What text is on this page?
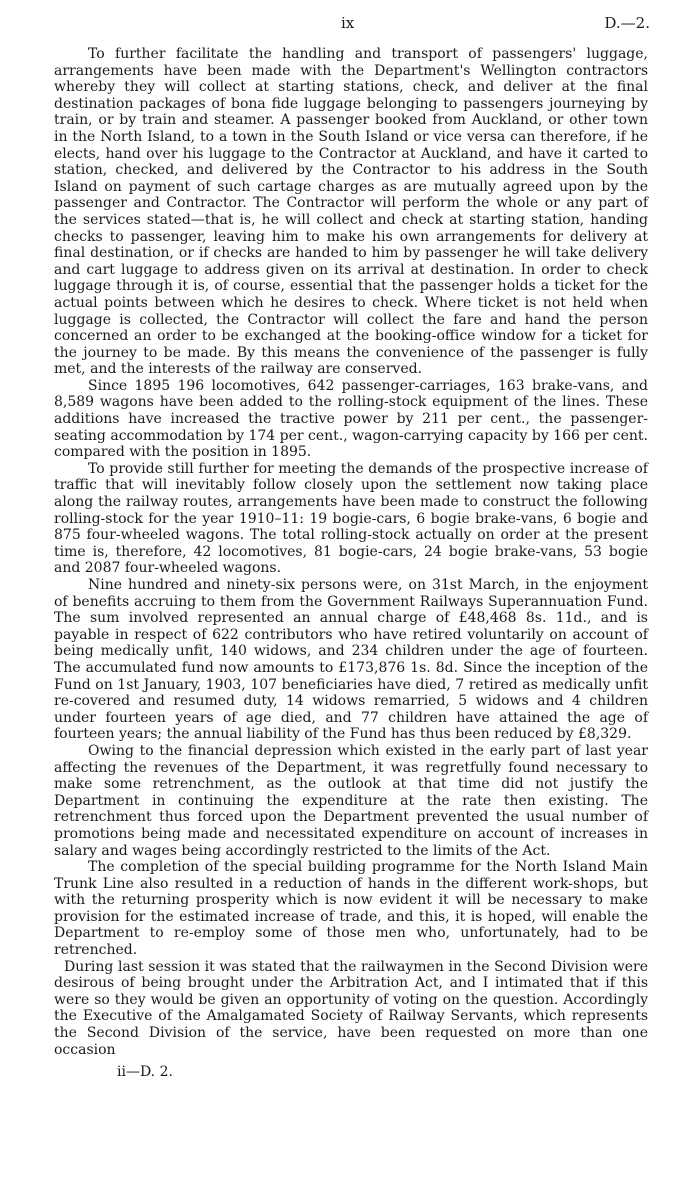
ix	D.—2.

To further facilitate the handling and transport of passengers' luggage, arrangements have been made with the Department's Wellington contractors whereby they will collect at starting stations, check, and deliver at the final destination packages of bona fide luggage belonging to passengers journeying by train, or by train and steamer. A passenger booked from Auckland, or other town in the North Island, to a town in the South Island or vice versa can therefore, if he elects, hand over his luggage to the Contractor at Auckland, and have it carted to station, checked, and delivered by the Contractor to his address in the South Island on payment of such cartage charges as are mutually agreed upon by the passenger and Contractor. The Contractor will perform the whole or any part of the services stated—that is, he will collect and check at starting station, handing checks to passenger, leaving him to make his own arrangements for delivery at final destination, or if checks are handed to him by passenger he will take delivery and cart luggage to address given on its arrival at destination. In order to check luggage through it is, of course, essential that the passenger holds a ticket for the actual points between which he desires to check. Where ticket is not held when luggage is collected, the Contractor will collect the fare and hand the person concerned an order to be exchanged at the booking-office window for a ticket for the journey to be made. By this means the convenience of the passenger is fully met, and the interests of the railway are conserved.

Since 1895 196 locomotives, 642 passenger-carriages, 163 brake-vans, and 8,589 wagons have been added to the rolling-stock equipment of the lines. These additions have increased the tractive power by 211 per cent., the passenger-seating accommodation by 174 per cent., wagon-carrying capacity by 166 per cent. compared with the position in 1895.

To provide still further for meeting the demands of the prospective increase of traffic that will inevitably follow closely upon the settlement now taking place along the railway routes, arrangements have been made to construct the following rolling-stock for the year 1910–11: 19 bogie-cars, 6 bogie brake-vans, 6 bogie and 875 four-wheeled wagons. The total rolling-stock actually on order at the present time is, therefore, 42 locomotives, 81 bogie-cars, 24 bogie brake-vans, 53 bogie and 2087 four-wheeled wagons.

Nine hundred and ninety-six persons were, on 31st March, in the enjoyment of benefits accruing to them from the Government Railways Superannuation Fund. The sum involved represented an annual charge of £48,468 8s. 11d., and is payable in respect of 622 contributors who have retired voluntarily on account of being medically unfit, 140 widows, and 234 children under the age of fourteen. The accumulated fund now amounts to £173,876 1s. 8d. Since the inception of the Fund on 1st January, 1903, 107 beneficiaries have died, 7 retired as medically unfit re-covered and resumed duty, 14 widows remarried, 5 widows and 4 children under fourteen years of age died, and 77 children have attained the age of fourteen years; the annual liability of the Fund has thus been reduced by £8,329.

Owing to the financial depression which existed in the early part of last year affecting the revenues of the Department, it was regretfully found necessary to make some retrenchment, as the outlook at that time did not justify the Department in continuing the expenditure at the rate then existing. The retrenchment thus forced upon the Department prevented the usual number of promotions being made and necessitated expenditure on account of increases in salary and wages being accordingly restricted to the limits of the Act.

The completion of the special building programme for the North Island Main Trunk Line also resulted in a reduction of hands in the different work-shops, but with the returning prosperity which is now evident it will be necessary to make provision for the estimated increase of trade, and this, it is hoped, will enable the Department to re-employ some of those men who, unfortunately, had to be retrenched.

During last session it was stated that the railwaymen in the Second Division were desirous of being brought under the Arbitration Act, and I intimated that if this were so they would be given an opportunity of voting on the question. Accordingly the Executive of the Amalgamated Society of Railway Servants, which represents the Second Division of the service, have been requested on more than one occasion

ii—D. 2.
